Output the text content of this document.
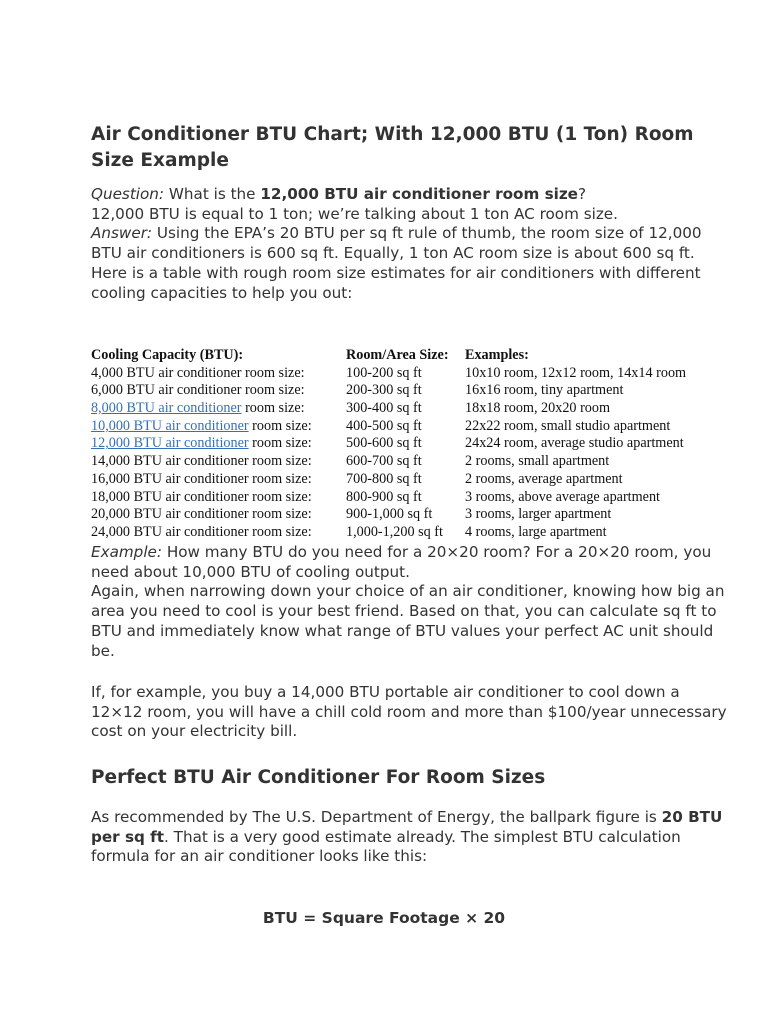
Air Conditioner BTU Chart; With 12,000 BTU (1 Ton) Room Size Example

Question: What is the 12,000 BTU air conditioner room size?
12,000 BTU is equal to 1 ton; we’re talking about 1 ton AC room size.
Answer: Using the EPA’s 20 BTU per sq ft rule of thumb, the room size of 12,000 BTU air conditioners is 600 sq ft. Equally, 1 ton AC room size is about 600 sq ft.
Here is a table with rough room size estimates for air conditioners with different cooling capacities to help you out:

Cooling Capacity (BTU):	Room/Area Size: Examples:
4,000 BTU air conditioner room size:	100-200 sq ft	10x10 room, 12x12 room, 14x14 room
6,000 BTU air conditioner room size:	200-300 sq ft	16x16 room, tiny apartment
8,000 BTU air conditioner room size:	300-400 sq ft	18x18 room, 20x20 room
10,000 BTU air conditioner room size: 400-500 sq ft	22x22 room, small studio apartment
12,000 BTU air conditioner room size: 500-600 sq ft	24x24 room, average studio apartment
14,000 BTU air conditioner room size: 600-700 sq ft	2 rooms, small apartment
16,000 BTU air conditioner room size: 700-800 sq ft	2 rooms, average apartment
18,000 BTU air conditioner room size: 800-900 sq ft	3 rooms, above average apartment
20,000 BTU air conditioner room size: 900-1,000 sq ft 3 rooms, larger apartment
24,000 BTU air conditioner room size: 1,000-1,200 sq ft 4 rooms, large apartment

Example: How many BTU do you need for a 20×20 room? For a 20×20 room, you need about 10,000 BTU of cooling output.
Again, when narrowing down your choice of an air conditioner, knowing how big an area you need to cool is your best friend. Based on that, you can calculate sq ft to BTU and immediately know what range of BTU values your perfect AC unit should be.

If, for example, you buy a 14,000 BTU portable air conditioner to cool down a 12×12 room, you will have a chill cold room and more than $100/year unnecessary cost on your electricity bill.

Perfect BTU Air Conditioner For Room Sizes

As recommended by The U.S. Department of Energy, the ballpark figure is 20 BTU per sq ft. That is a very good estimate already. The simplest BTU calculation formula for an air conditioner looks like this:

BTU = Square Footage × 20
